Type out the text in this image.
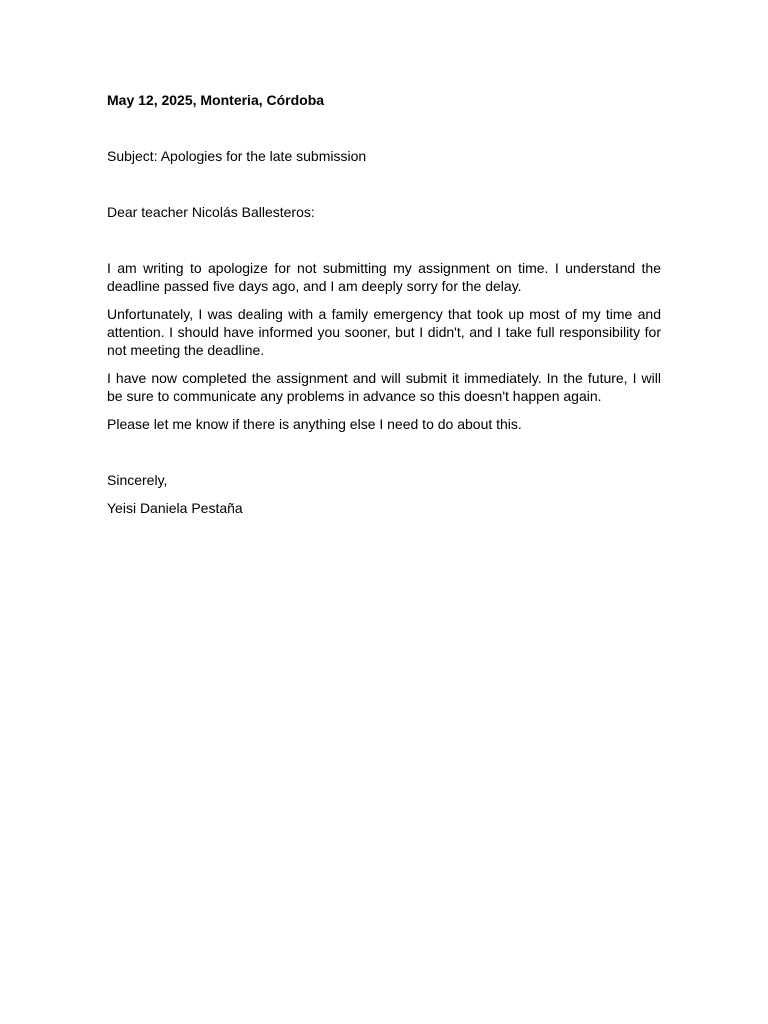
May 12, 2025, Monteria, Córdoba

Subject: Apologies for the late submission

Dear teacher Nicolás Ballesteros:

I am writing to apologize for not submitting my assignment on time. I understand the deadline passed five days ago, and I am deeply sorry for the delay.

Unfortunately, I was dealing with a family emergency that took up most of my time and attention. I should have informed you sooner, but I didn't, and I take full responsibility for not meeting the deadline.

I have now completed the assignment and will submit it immediately. In the future, I will be sure to communicate any problems in advance so this doesn't happen again.

Please let me know if there is anything else I need to do about this.

Sincerely,

Yeisi Daniela Pestaña
